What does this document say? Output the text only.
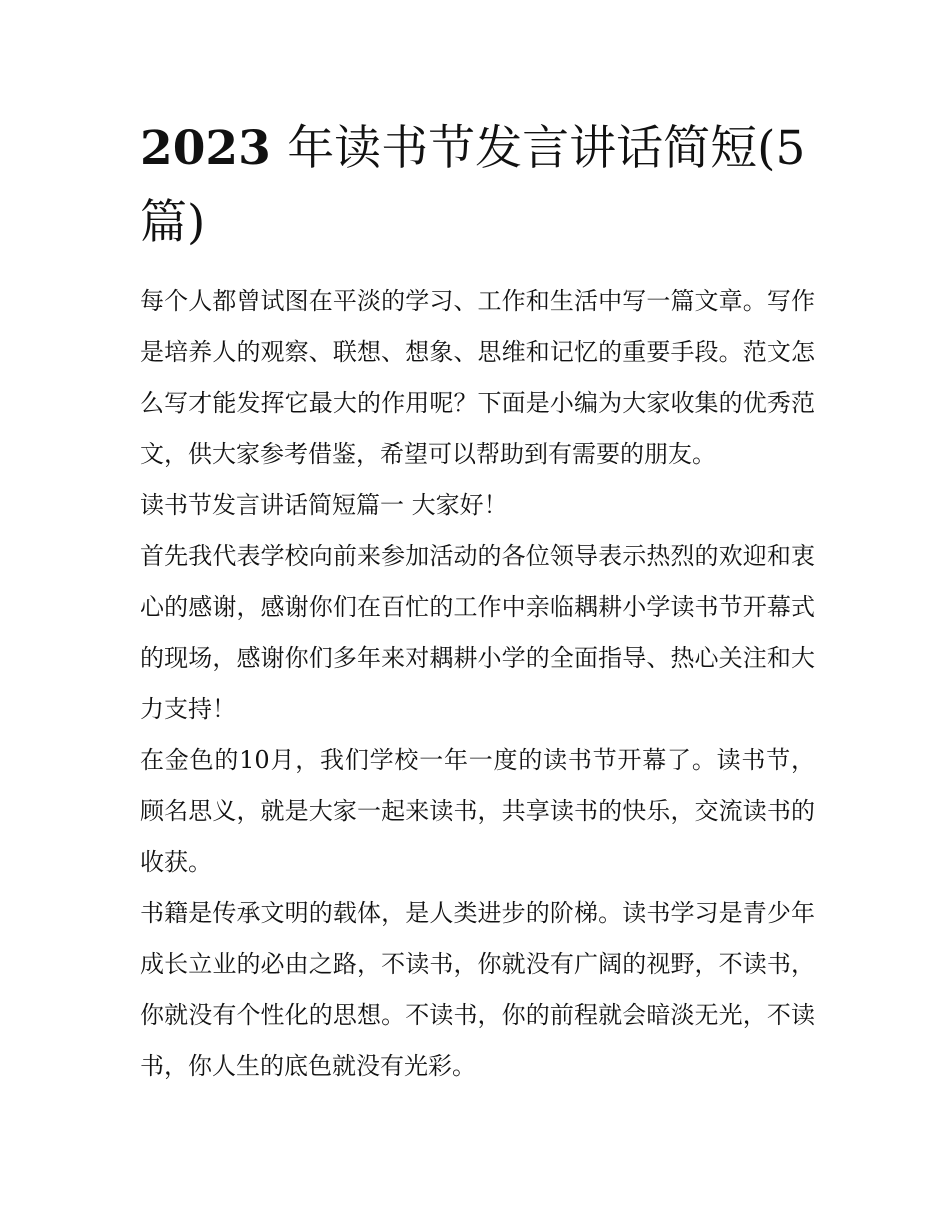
2023 年读书节发言讲话简短(5篇)

每个人都曾试图在平淡的学习、工作和生活中写一篇文章。写作是培养人的观察、联想、想象、思维和记忆的重要手段。范文怎么写才能发挥它最大的作用呢？下面是小编为大家收集的优秀范文，供大家参考借鉴，希望可以帮助到有需要的朋友。

读书节发言讲话简短篇一 大家好！

首先我代表学校向前来参加活动的各位领导表示热烈的欢迎和衷心的感谢，感谢你们在百忙的工作中亲临耦耕小学读书节开幕式的现场，感谢你们多年来对耦耕小学的全面指导、热心关注和大力支持！

在金色的10月，我们学校一年一度的读书节开幕了。读书节，顾名思义，就是大家一起来读书，共享读书的快乐，交流读书的收获。

书籍是传承文明的载体，是人类进步的阶梯。读书学习是青少年成长立业的必由之路，不读书，你就没有广阔的视野，不读书，你就没有个性化的思想。不读书，你的前程就会暗淡无光，不读书，你人生的底色就没有光彩。
